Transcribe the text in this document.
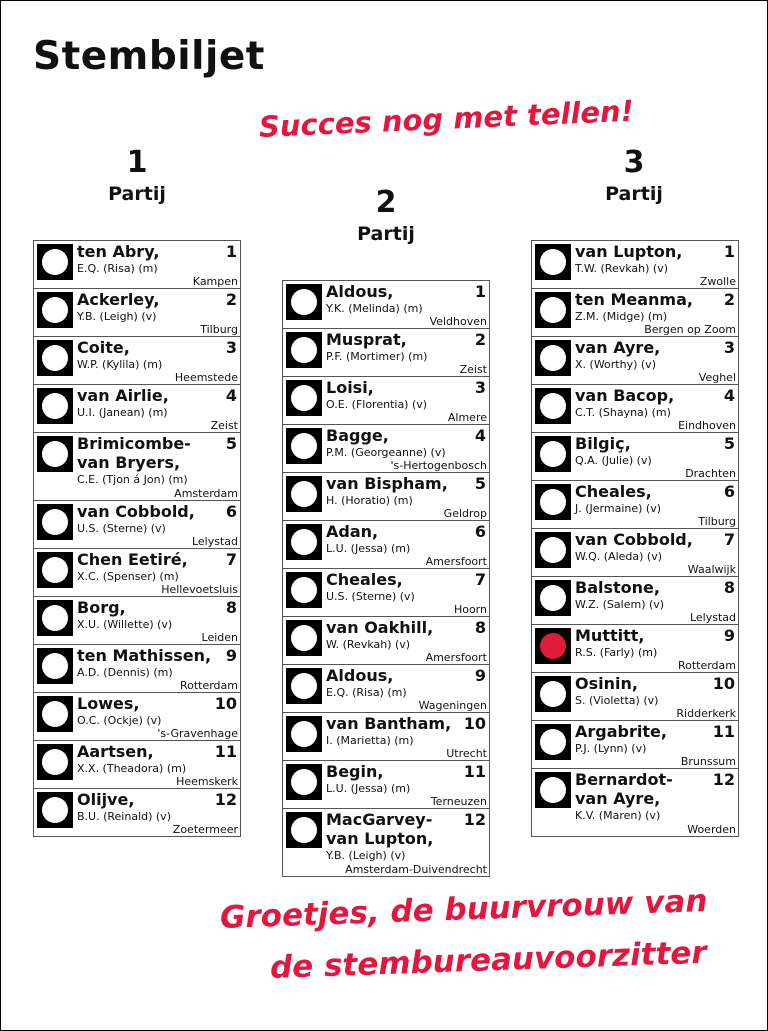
Stembiljet
Succes nog met tellen!
Groetjes, de buurvrouw van
de stembureauvoorzitter
1
Partij
ten Abry,	1
E.Q. (Risa) (m)
Kampen
Ackerley,	2
Y.B. (Leigh) (v)
Tilburg
Coite,	3
W.P. (Kylila) (m)
Heemstede
van Airlie,	4
U.I. (Janean) (m)
Zeist
Brimicombe-
van Bryers,
5
C.E. (Tjon á Jon) (m)
Amsterdam
van Cobbold,	6
U.S. (Sterne) (v)
Lelystad
Chen Eetiré,	7
X.C. (Spenser) (m)
Hellevoetsluis
Borg,	8
X.U. (Willette) (v)
Leiden
ten Mathissen, 9
A.D. (Dennis) (m)
Rotterdam
Lowes,	10
O.C. (Ockje) (v)
's-Gravenhage
Aartsen,	11
X.X. (Theadora) (m)
Heemskerk
Olijve,	12
B.U. (Reinald) (v)
Zoetermeer
2
Partij
Aldous,	1
Y.K. (Melinda) (m)
Veldhoven
Musprat,	2
P.F. (Mortimer) (m)
Zeist
Loisi,	3
O.E. (Florentia) (v)
Almere
Bagge,	4
P.M. (Georgeanne) (v)
's-Hertogenbosch
van Bispham,	5
H. (Horatio) (m)
Geldrop
Adan,	6
L.U. (Jessa) (m)
Amersfoort
Cheales,	7
U.S. (Sterne) (v)
Hoorn
van Oakhill,	8
W. (Revkah) (v)
Amersfoort
Aldous,	9
E.Q. (Risa) (m)
Wageningen
van Bantham, 10
I. (Marietta) (m)
Utrecht
Begin,	11
L.U. (Jessa) (m)
Terneuzen
MacGarvey-
van Lupton,
12
Y.B. (Leigh) (v)
Amsterdam-Duivendrecht
3
Partij
van Lupton,	1
T.W. (Revkah) (v)
Zwolle
ten Meanma,	2
Z.M. (Midge) (m)
Bergen op Zoom
van Ayre,	3
X. (Worthy) (v)
Veghel
van Bacop,	4
C.T. (Shayna) (m)
Eindhoven
Bilgiç,	5
Q.A. (Julie) (v)
Drachten
Cheales,	6
J. (Jermaine) (v)
Tilburg
van Cobbold,	7
W.Q. (Aleda) (v)
Waalwijk
Balstone,	8
W.Z. (Salem) (v)
Lelystad
Muttitt,	9
R.S. (Farly) (m)
Rotterdam
Osinin,	10
S. (Violetta) (v)
Ridderkerk
Argabrite,	11
P.J. (Lynn) (v)
Brunssum
Bernardot-
van Ayre,
12
K.V. (Maren) (v)
Woerden
